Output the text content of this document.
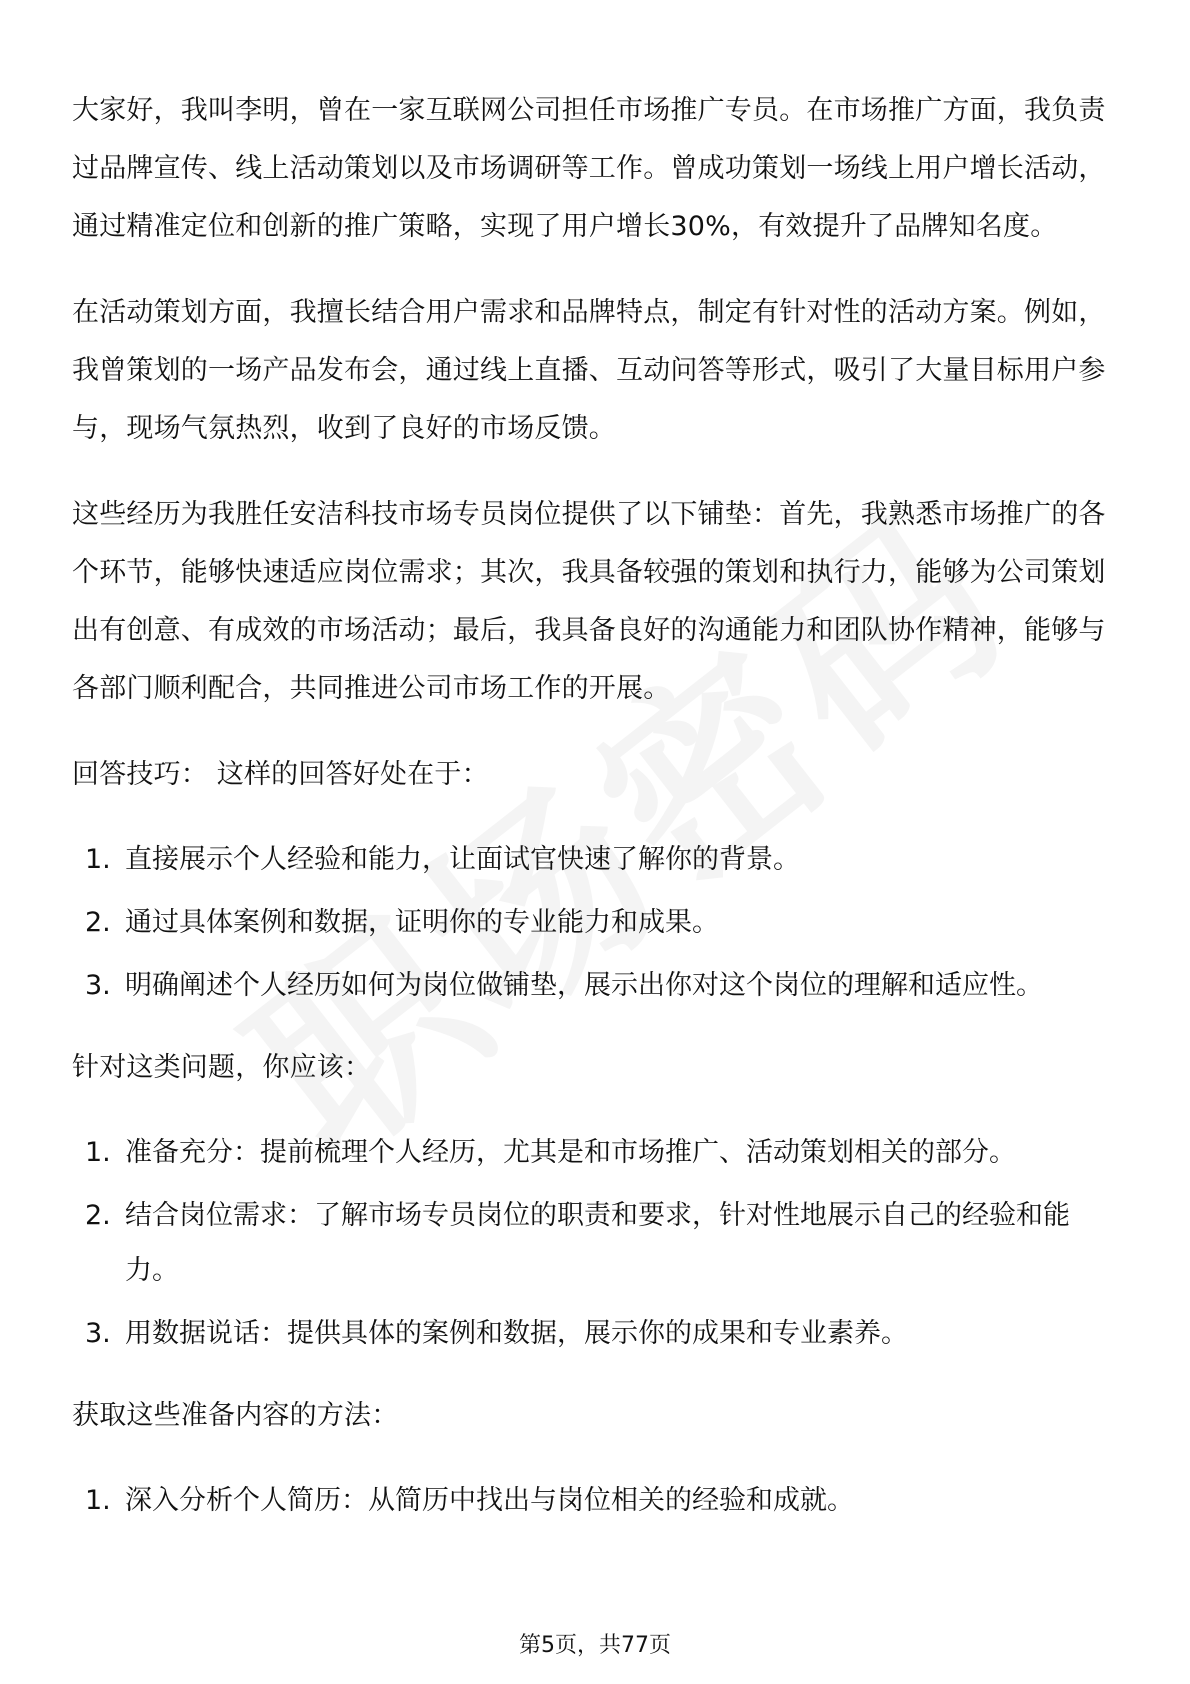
大家好，我叫李明，曾在一家互联网公司担任市场推广专员。在市场推广方面，我负责过品牌宣传、线上活动策划以及市场调研等工作。曾成功策划一场线上用户增长活动，通过精准定位和创新的推广策略，实现了用户增长30%，有效提升了品牌知名度。

在活动策划方面，我擅长结合用户需求和品牌特点，制定有针对性的活动方案。例如，我曾策划的一场产品发布会，通过线上直播、互动问答等形式，吸引了大量目标用户参与，现场气氛热烈，收到了良好的市场反馈。

这些经历为我胜任安洁科技市场专员岗位提供了以下铺垫：首先，我熟悉市场推广的各个环节，能够快速适应岗位需求；其次，我具备较强的策划和执行力，能够为公司策划出有创意、有成效的市场活动；最后，我具备良好的沟通能力和团队协作精神，能够与各部门顺利配合，共同推进公司市场工作的开展。

回答技巧： 这样的回答好处在于：

1. 直接展示个人经验和能力，让面试官快速了解你的背景。
2. 通过具体案例和数据，证明你的专业能力和成果。
3. 明确阐述个人经历如何为岗位做铺垫，展示出你对这个岗位的理解和适应性。

针对这类问题，你应该：

1. 准备充分：提前梳理个人经历，尤其是和市场推广、活动策划相关的部分。
2. 结合岗位需求：了解市场专员岗位的职责和要求，针对性地展示自己的经验和能力。
3. 用数据说话：提供具体的案例和数据，展示你的成果和专业素养。

获取这些准备内容的方法：

1. 深入分析个人简历：从简历中找出与岗位相关的经验和成就。
第5页，共77页
